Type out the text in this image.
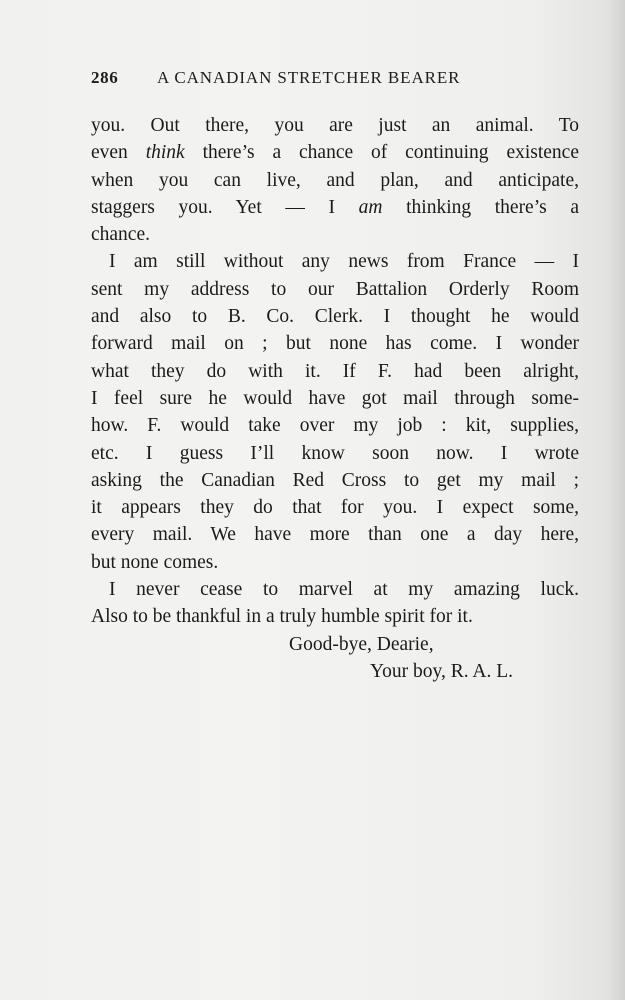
286 A CANADIAN STRETCHER BEARER
you. Out there, you are just an animal. To
even think there’s a chance of continuing existence
when you can live, and plan, and anticipate,
staggers you. Yet — I am thinking there’s a
chance.
I am still without any news from France — I
sent my address to our Battalion Orderly Room
and also to B. Co. Clerk. I thought he would
forward mail on ; but none has come. I wonder
what they do with it. If F. had been alright,
I feel sure he would have got mail through some-
how. F. would take over my job : kit, supplies,
etc. I guess I’ll know soon now. I wrote
asking the Canadian Red Cross to get my mail ;
it appears they do that for you. I expect some,
every mail. We have more than one a day here,
but none comes.
I never cease to marvel at my amazing luck.
Also to be thankful in a truly humble spirit for it.
Good-bye, Dearie,
Your boy, R. A. L.
